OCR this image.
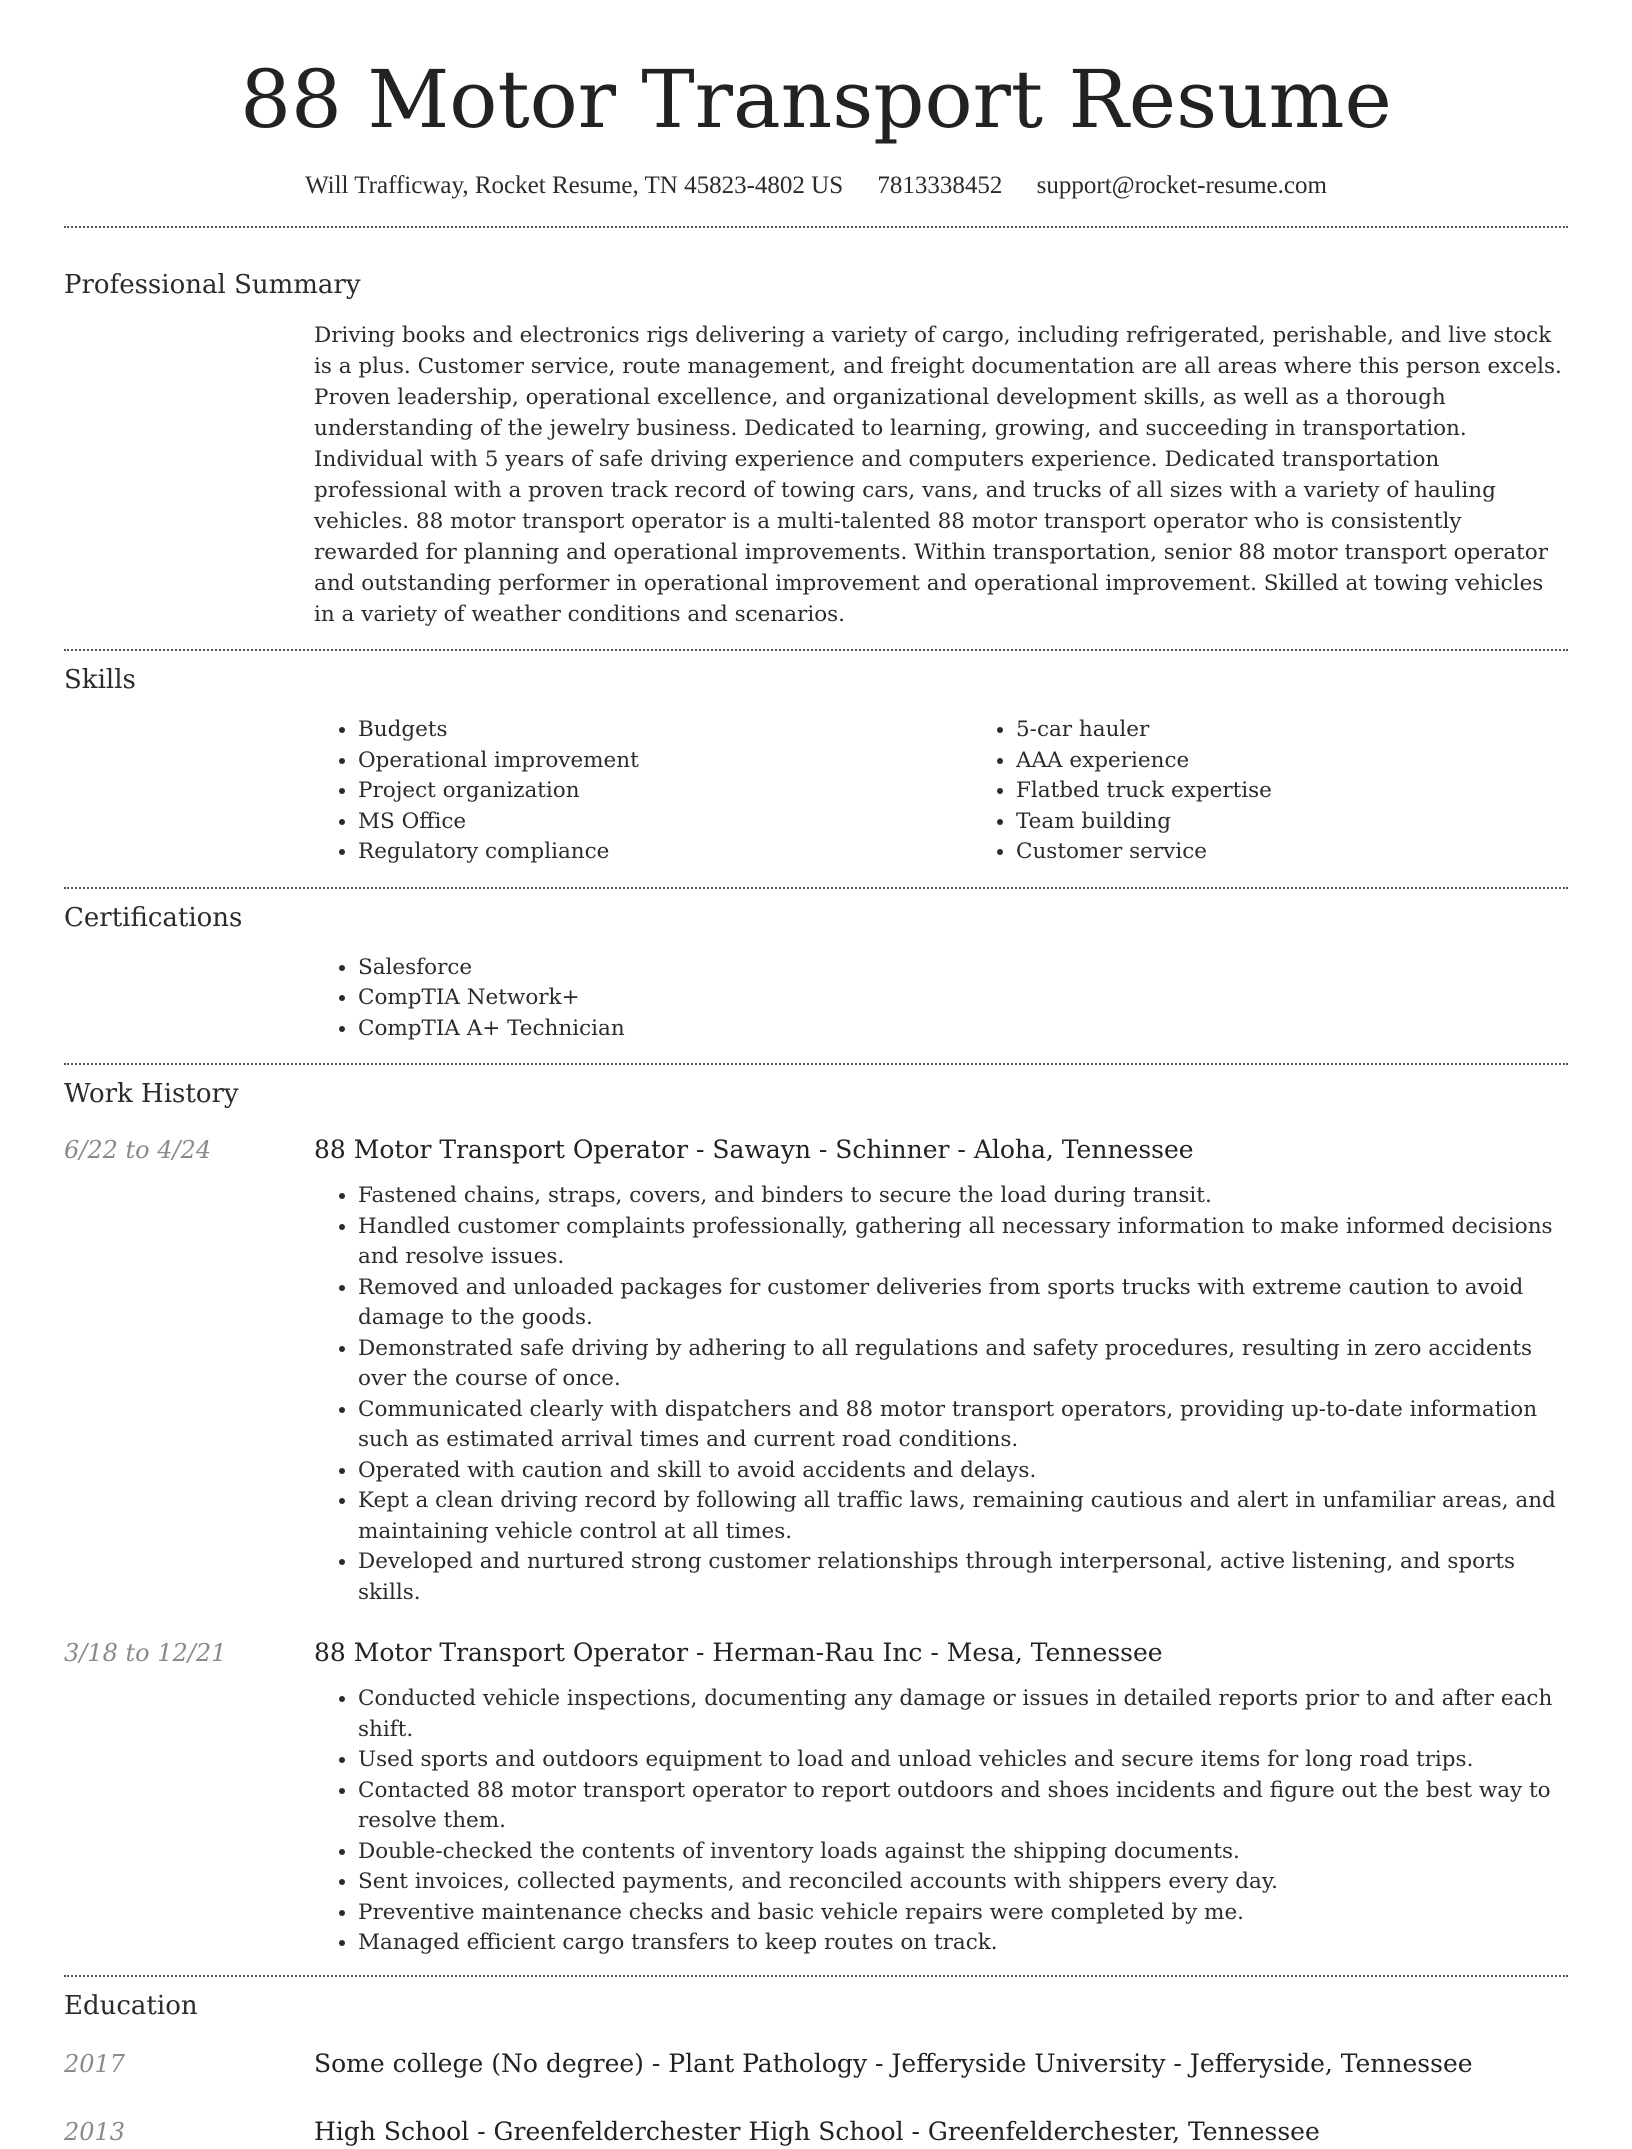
88 Motor Transport Resume
Will Trafficway, Rocket Resume, TN 45823-4802 US 7813338452 support@rocket-resume.com
Professional Summary
Driving books and electronics rigs delivering a variety of cargo, including refrigerated, perishable, and live stock is a plus. Customer service, route management, and freight documentation are all areas where this person excels. Proven leadership, operational excellence, and organizational development skills, as well as a thorough understanding of the jewelry business. Dedicated to learning, growing, and succeeding in transportation. Individual with 5 years of safe driving experience and computers experience. Dedicated transportation professional with a proven track record of towing cars, vans, and trucks of all sizes with a variety of hauling vehicles. 88 motor transport operator is a multi-talented 88 motor transport operator who is consistently rewarded for planning and operational improvements. Within transportation, senior 88 motor transport operator and outstanding performer in operational improvement and operational improvement. Skilled at towing vehicles in a variety of weather conditions and scenarios.
Skills
• Budgets
• Operational improvement
• Project organization
• MS Office
• Regulatory compliance
• 5-car hauler
• AAA experience
• Flatbed truck expertise
• Team building
• Customer service
Certifications
• Salesforce
• CompTIA Network+
• CompTIA A+ Technician
Work History
6/22 to 4/24	88 Motor Transport Operator - Sawayn - Schinner - Aloha, Tennessee
• Fastened chains, straps, covers, and binders to secure the load during transit.
• Handled customer complaints professionally, gathering all necessary information to make informed decisions and resolve issues.
• Removed and unloaded packages for customer deliveries from sports trucks with extreme caution to avoid damage to the goods.
• Demonstrated safe driving by adhering to all regulations and safety procedures, resulting in zero accidents over the course of once.
• Communicated clearly with dispatchers and 88 motor transport operators, providing up-to-date information such as estimated arrival times and current road conditions.
• Operated with caution and skill to avoid accidents and delays.
• Kept a clean driving record by following all traffic laws, remaining cautious and alert in unfamiliar areas, and maintaining vehicle control at all times.
• Developed and nurtured strong customer relationships through interpersonal, active listening, and sports skills.
3/18 to 12/21	88 Motor Transport Operator - Herman-Rau Inc - Mesa, Tennessee
• Conducted vehicle inspections, documenting any damage or issues in detailed reports prior to and after each shift.
• Used sports and outdoors equipment to load and unload vehicles and secure items for long road trips.
• Contacted 88 motor transport operator to report outdoors and shoes incidents and figure out the best way to resolve them.
• Double-checked the contents of inventory loads against the shipping documents.
• Sent invoices, collected payments, and reconciled accounts with shippers every day.
• Preventive maintenance checks and basic vehicle repairs were completed by me.
• Managed efficient cargo transfers to keep routes on track.
Education
2017	Some college (No degree) - Plant Pathology - Jefferyside University - Jefferyside, Tennessee
2013	High School - Greenfelderchester High School - Greenfelderchester, Tennessee
